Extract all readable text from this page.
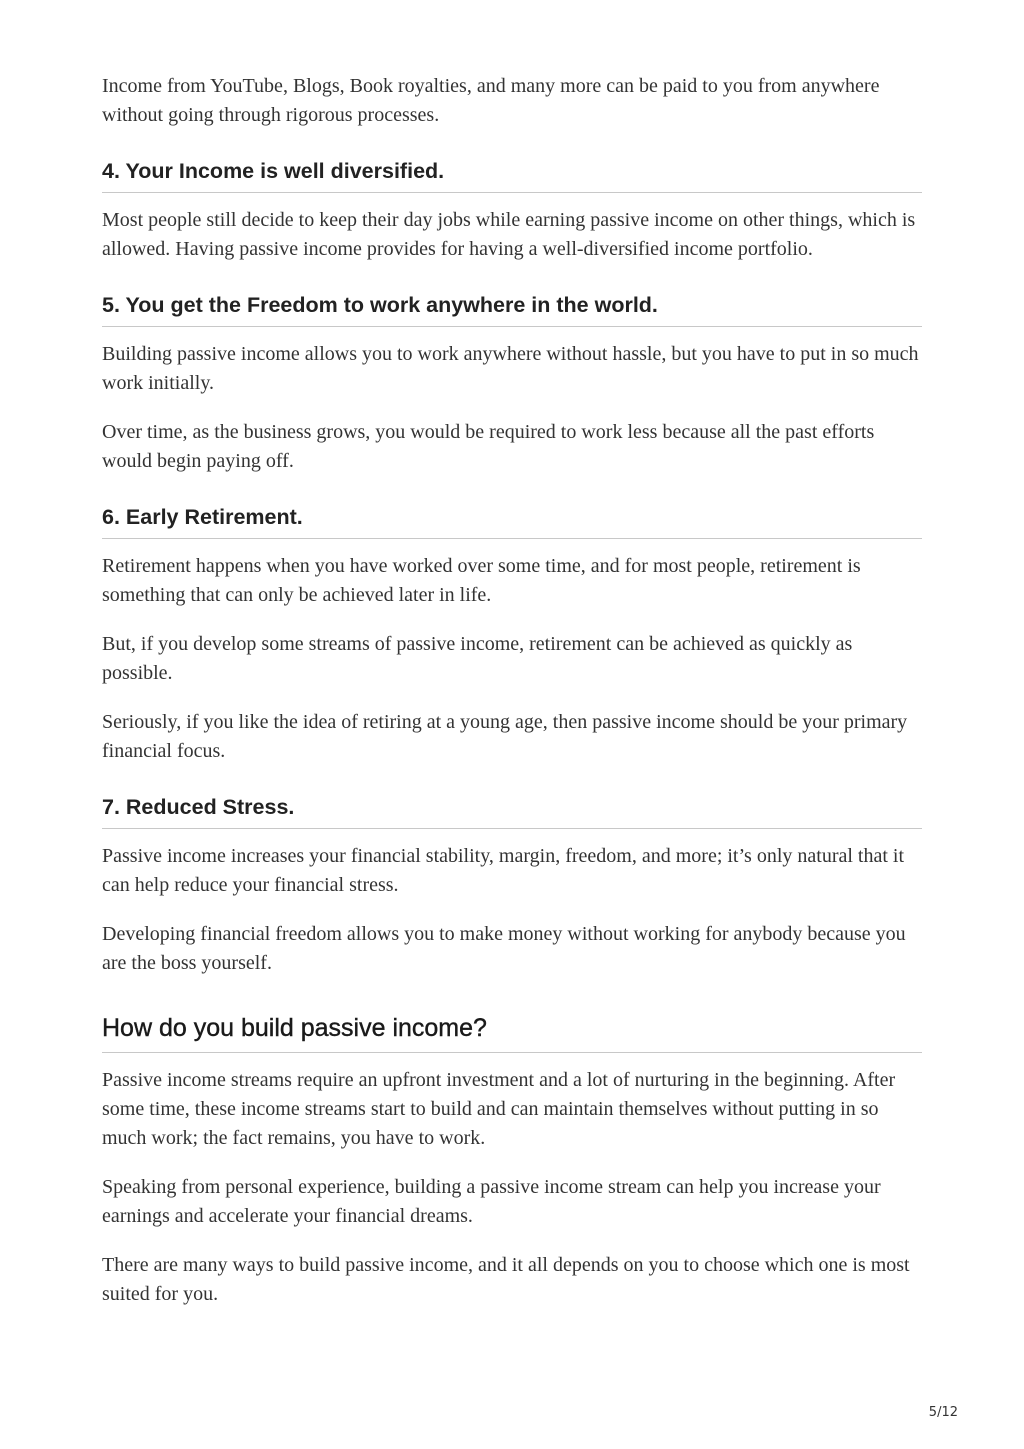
Income from YouTube, Blogs, Book royalties, and many more can be paid to you from anywhere without going through rigorous processes.

4. Your Income is well diversified.

Most people still decide to keep their day jobs while earning passive income on other things, which is allowed. Having passive income provides for having a well-diversified income portfolio.

5. You get the Freedom to work anywhere in the world.

Building passive income allows you to work anywhere without hassle, but you have to put in so much work initially.

Over time, as the business grows, you would be required to work less because all the past efforts would begin paying off.

6. Early Retirement.

Retirement happens when you have worked over some time, and for most people, retirement is something that can only be achieved later in life.

But, if you develop some streams of passive income, retirement can be achieved as quickly as possible.

Seriously, if you like the idea of retiring at a young age, then passive income should be your primary financial focus.

7. Reduced Stress.

Passive income increases your financial stability, margin, freedom, and more; it’s only natural that it can help reduce your financial stress.

Developing financial freedom allows you to make money without working for anybody because you are the boss yourself.

How do you build passive income?

Passive income streams require an upfront investment and a lot of nurturing in the beginning. After some time, these income streams start to build and can maintain themselves without putting in so much work; the fact remains, you have to work.

Speaking from personal experience, building a passive income stream can help you increase your earnings and accelerate your financial dreams.

There are many ways to build passive income, and it all depends on you to choose which one is most suited for you.

5/12
